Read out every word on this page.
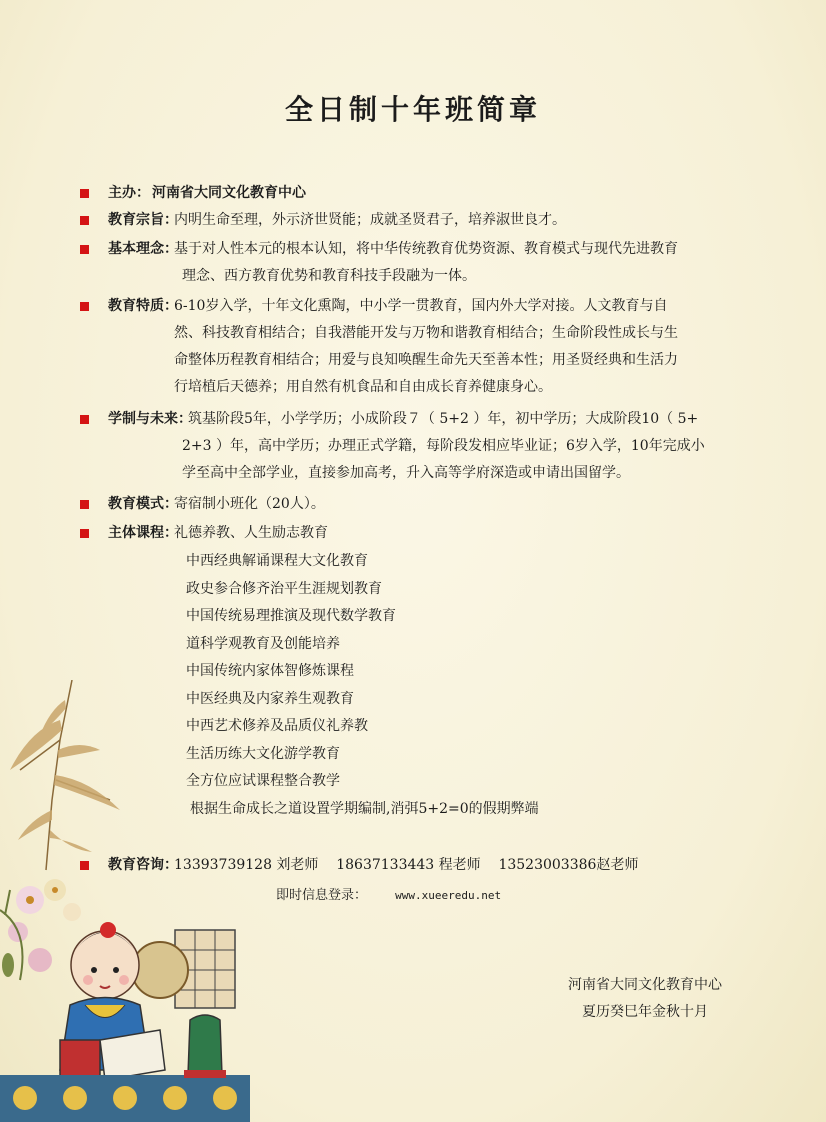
全日制十年班简章
主办： 河南省大同文化教育中心
教育宗旨：
内明生命至理，外示济世贤能；成就圣贤君子，培养淑世良才。
基本理念：
基于对人性本元的根本认知，将中华传统教育优势资源、教育模式与现代先进教育
理念、西方教育优势和教育科技手段融为一体。
教育特质：
6-10岁入学，十年文化熏陶，中小学一贯教育，国内外大学对接。人文教育与自
然、科技教育相结合；自我潜能开发与万物和谐教育相结合；生命阶段性成长与生
命整体历程教育相结合；用爱与良知唤醒生命先天至善本性；用圣贤经典和生活力
行培植后天德养；用自然有机食品和自由成长育养健康身心。
学制与未来：
筑基阶段5年，小学学历；小成阶段７（ 5+2 ）年，初中学历；大成阶段10（ 5+
2+3 ）年，高中学历；办理正式学籍，每阶段发相应毕业证；6岁入学，10年完成小
学至高中全部学业，直接参加高考，升入高等学府深造或申请出国留学。
教育模式：
寄宿制小班化（20人）。
主体课程：
礼德养教、人生励志教育
中西经典解诵课程大文化教育
政史参合修齐治平生涯规划教育
中国传统易理推演及现代数学教育
道科学观教育及创能培养
中国传统内家体智修炼课程
中医经典及内家养生观教育
中西艺术修养及品质仪礼养教
生活历练大文化游学教育
全方位应试课程整合教学
根据生命成长之道设置学期编制,消弭5+2=0的假期弊端
教育咨询：
13393739128 刘老师    18637133443 程老师    13523003386赵老师
即时信息登录：	www.xueeredu.net
河南省大同文化教育中心
夏历癸巳年金秋十月
